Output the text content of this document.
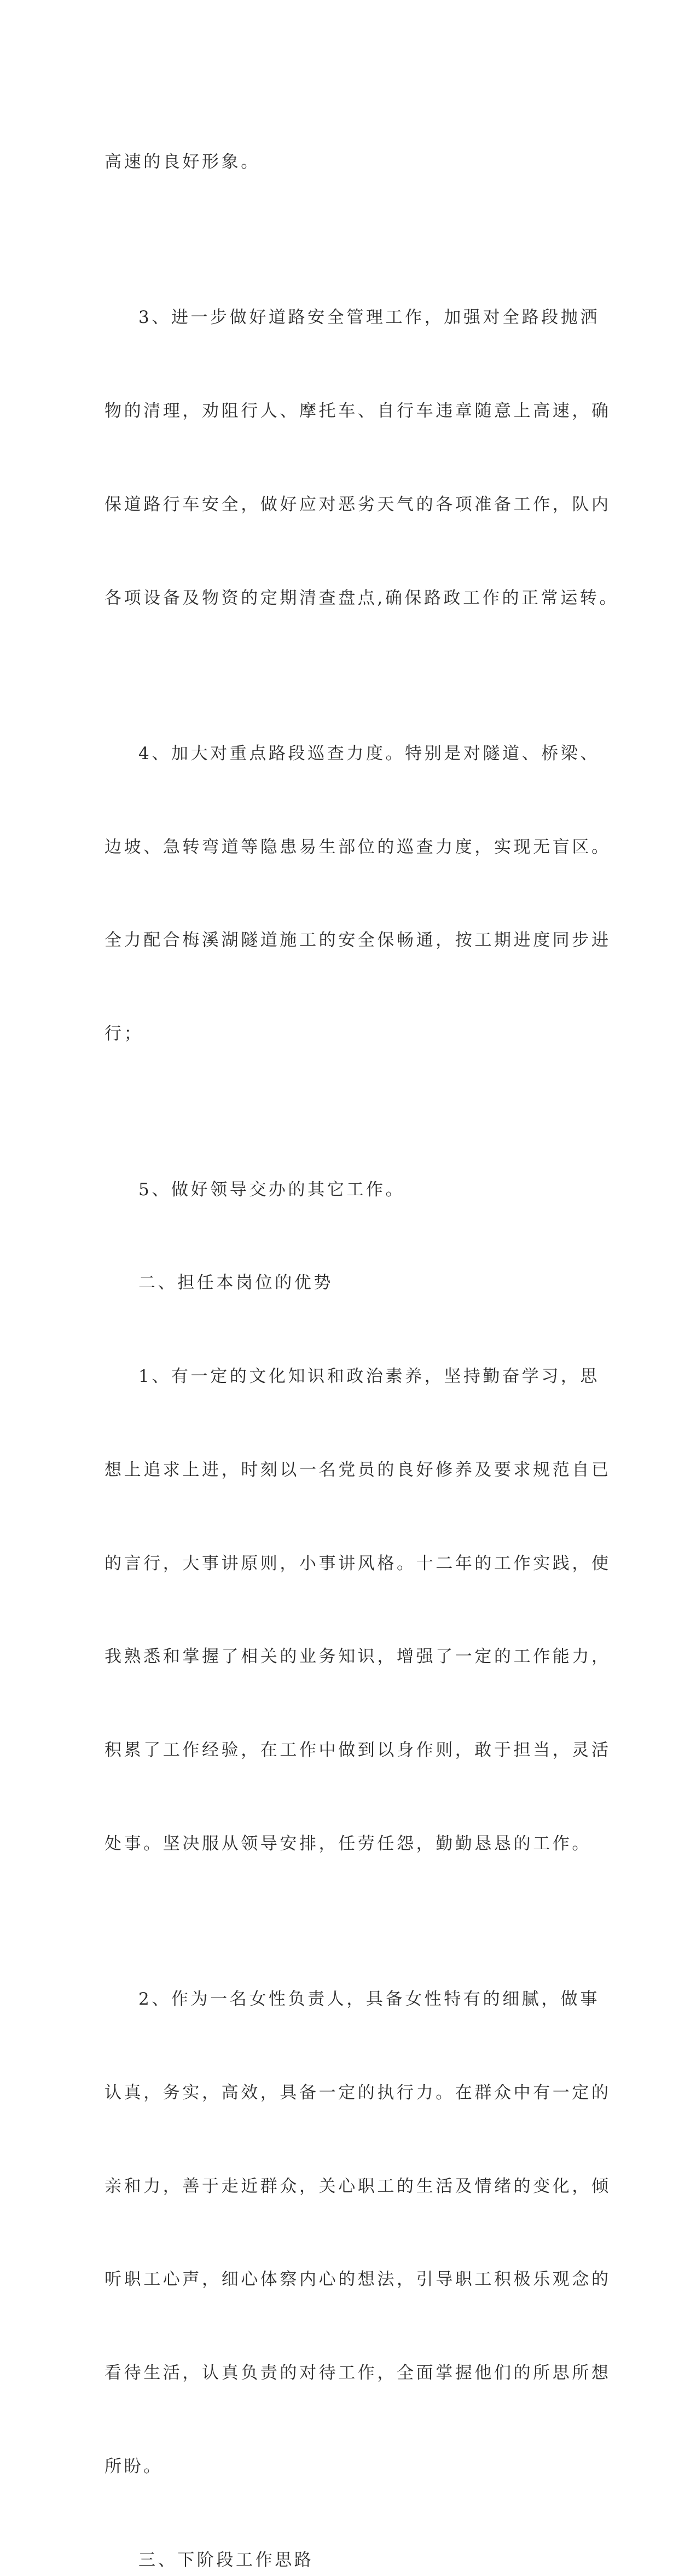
高速的良好形象。

3、进一步做好道路安全管理工作，加强对全路段抛洒

物的清理，劝阻行人、摩托车、自行车违章随意上高速，确

保道路行车安全，做好应对恶劣天气的各项准备工作，队内

各项设备及物资的定期清查盘点,确保路政工作的正常运转。

4、加大对重点路段巡查力度。特别是对隧道、桥梁、

边坡、急转弯道等隐患易生部位的巡查力度，实现无盲区。

全力配合梅溪湖隧道施工的安全保畅通，按工期进度同步进

行；

5、做好领导交办的其它工作。

二、担任本岗位的优势

1、有一定的文化知识和政治素养，坚持勤奋学习，思

想上追求上进，时刻以一名党员的良好修养及要求规范自已

的言行，大事讲原则，小事讲风格。十二年的工作实践，使

我熟悉和掌握了相关的业务知识，增强了一定的工作能力，

积累了工作经验，在工作中做到以身作则，敢于担当，灵活

处事。坚决服从领导安排，任劳任怨，勤勤恳恳的工作。

2、作为一名女性负责人，具备女性特有的细腻，做事

认真，务实，高效，具备一定的执行力。在群众中有一定的

亲和力，善于走近群众，关心职工的生活及情绪的变化，倾

听职工心声，细心体察内心的想法，引导职工积极乐观念的

看待生活，认真负责的对待工作，全面掌握他们的所思所想

所盼。

三、下阶段工作思路
